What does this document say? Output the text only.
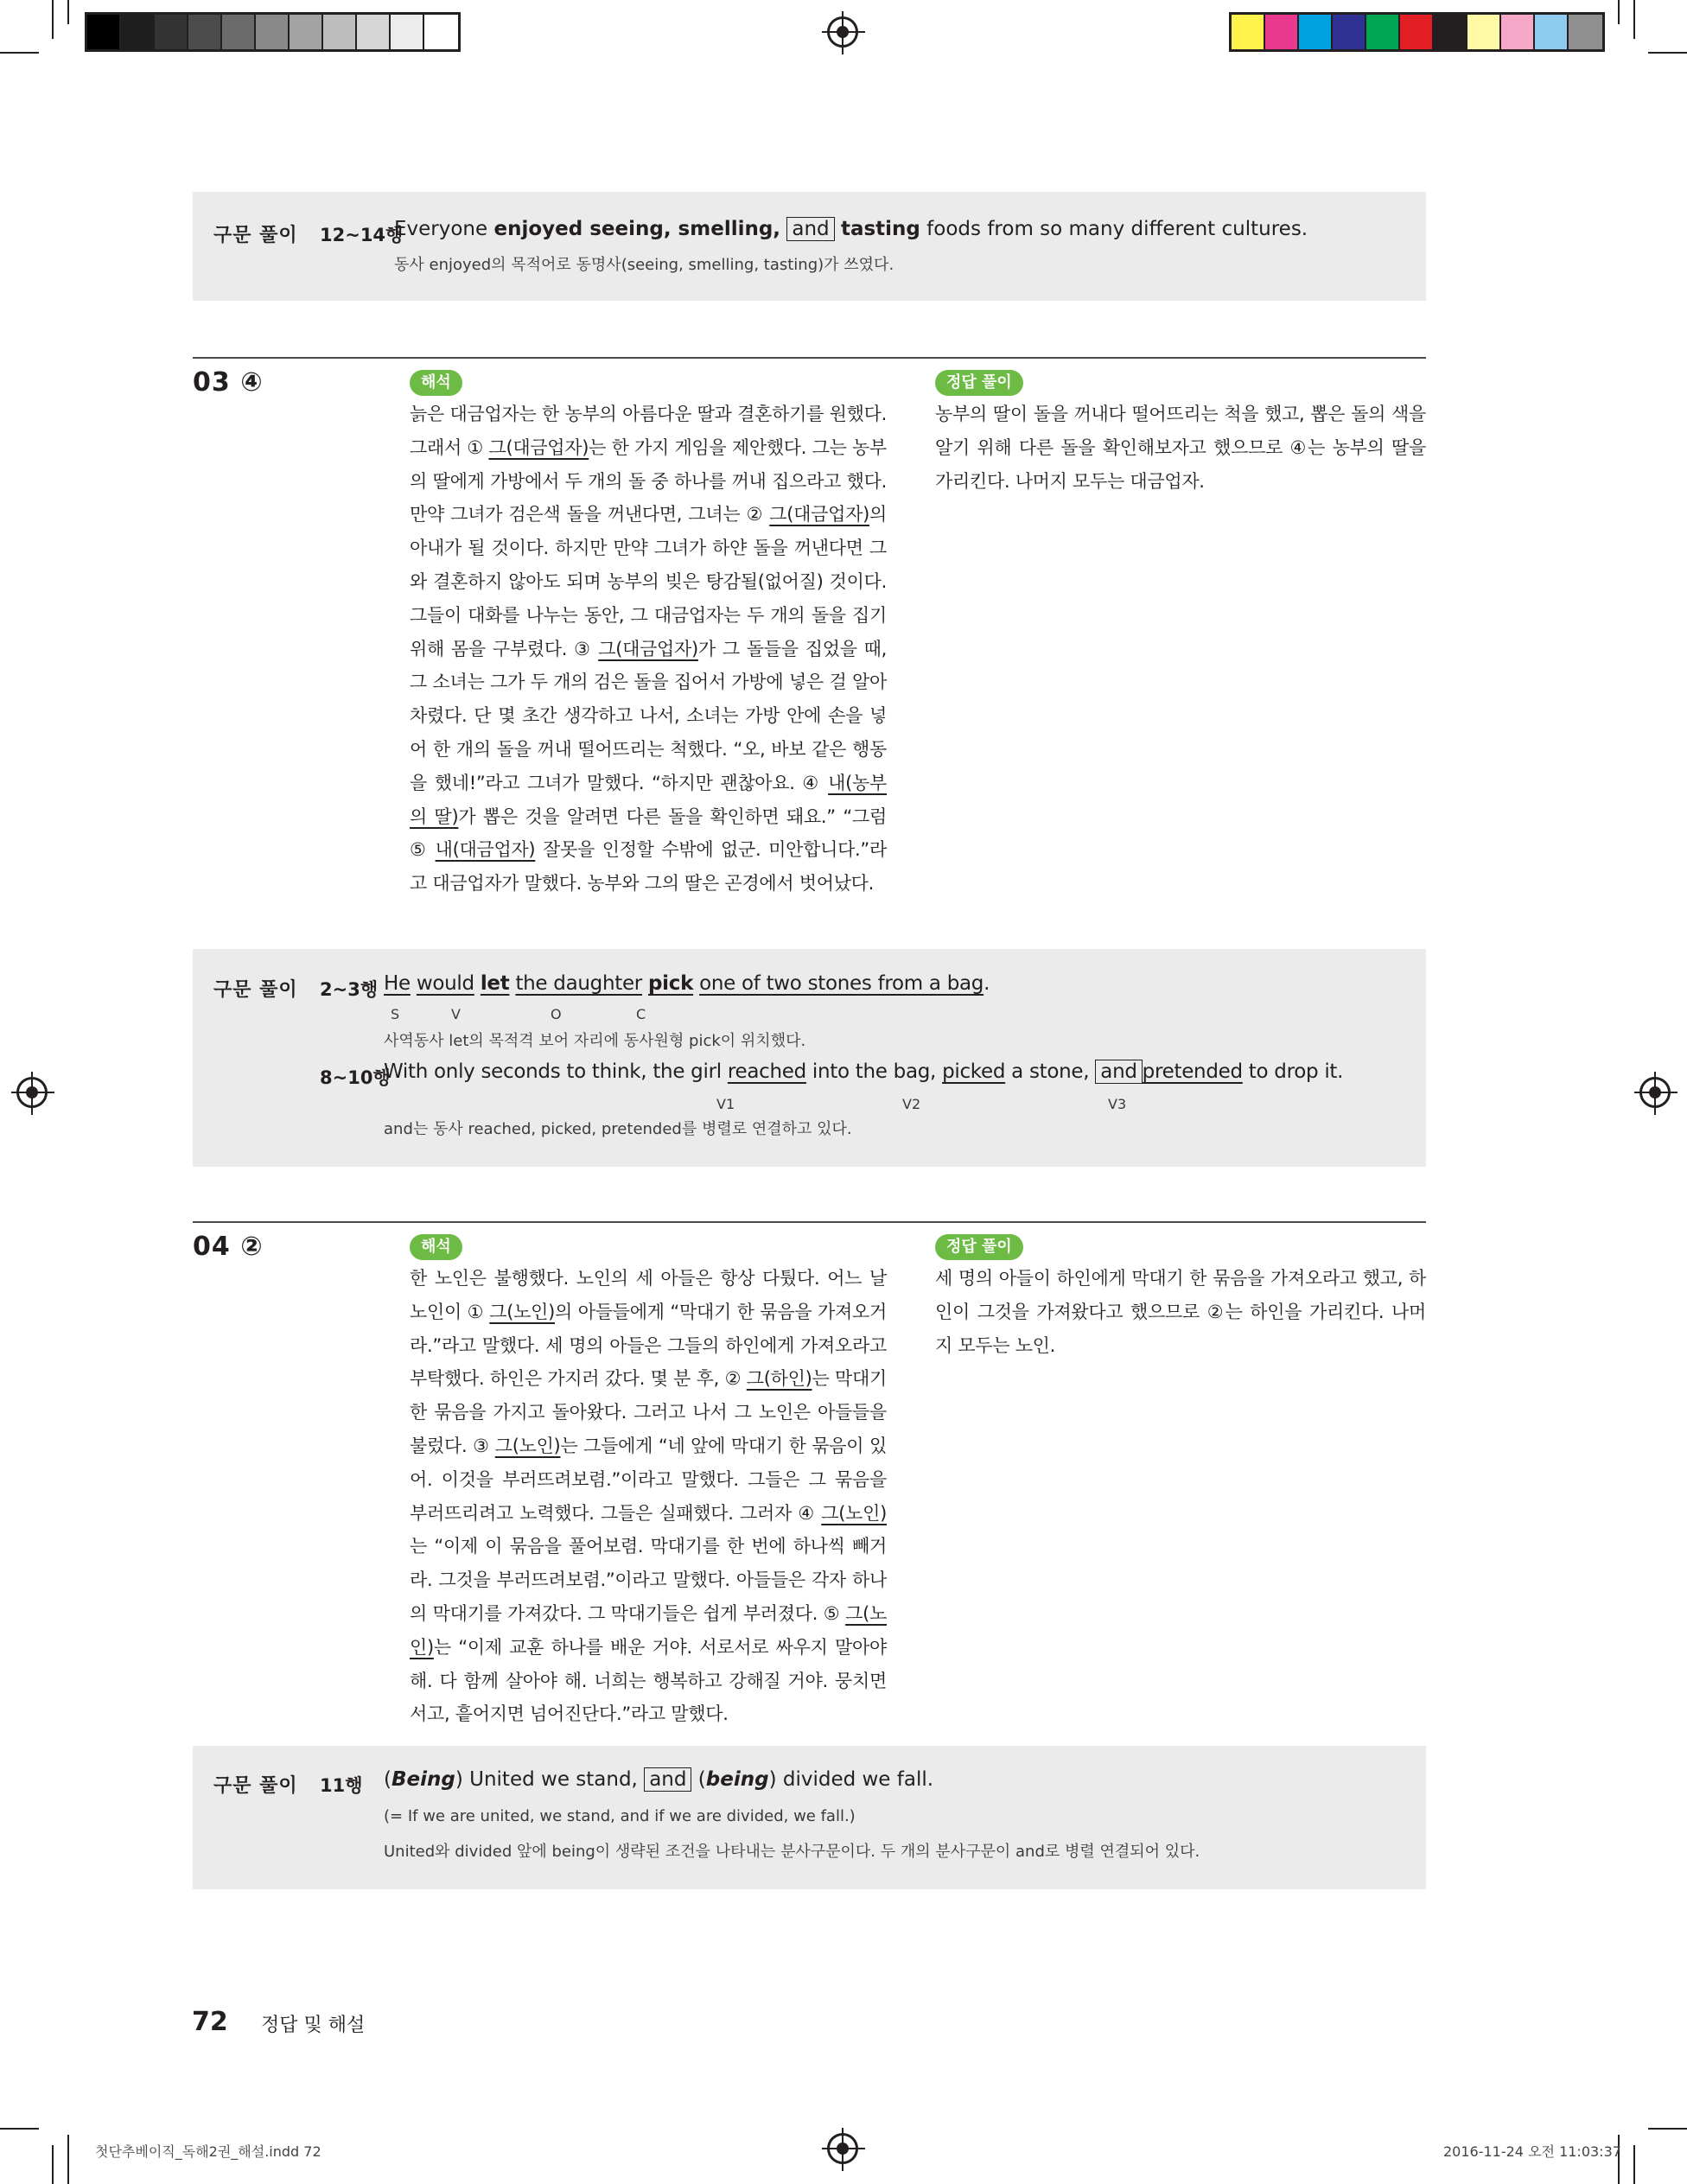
구문 풀이 12~14행
Everyone enjoyed seeing, smelling, and tasting foods from so many different cultures.
동사 enjoyed의 목적어로 동명사(seeing, smelling, tasting)가 쓰였다.
03 ④	해석	정답 풀이
늙은 대금업자는 한 농부의 아름다운 딸과 결혼하기를 원했다. 그래서 ① 그(대금업자)는 한 가지 게임을 제안했다. 그는 농부의 딸에게 가방에서 두 개의 돌 중 하나를 꺼내 집으라고 했다. 만약 그녀가 검은색 돌을 꺼낸다면, 그녀는 ② 그(대금업자)의 아내가 될 것이다. 하지만 만약 그녀가 하얀 돌을 꺼낸다면 그와 결혼하지 않아도 되며 농부의 빚은 탕감될(없어질) 것이다. 그들이 대화를 나누는 동안, 그 대금업자는 두 개의 돌을 집기 위해 몸을 구부렸다. ③ 그(대금업자)가 그 돌들을 집었을 때, 그 소녀는 그가 두 개의 검은 돌을 집어서 가방에 넣은 걸 알아차렸다. 단 몇 초간 생각하고 나서, 소녀는 가방 안에 손을 넣어 한 개의 돌을 꺼내 떨어뜨리는 척했다. “오, 바보 같은 행동을 했네!”라고 그녀가 말했다. “하지만 괜찮아요. ④ 내(농부의 딸)가 뽑은 것을 알려면 다른 돌을 확인하면 돼요.” “그럼 ⑤ 내(대금업자) 잘못을 인정할 수밖에 없군. 미안합니다.”라고 대금업자가 말했다. 농부와 그의 딸은 곤경에서 벗어났다.
농부의 딸이 돌을 꺼내다 떨어뜨리는 척을 했고, 뽑은 돌의 색을 알기 위해 다른 돌을 확인해보자고 했으므로 ④는 농부의 딸을 가리킨다. 나머지 모두는 대금업자.
구문 풀이 2~3행 He would let the daughter pick one of two stones from a bag.
S	V	O	C
사역동사 let의 목적격 보어 자리에 동사원형 pick이 위치했다.
8~10행
With only seconds to think, the girl reached into the bag, picked a stone, and pretended to drop it.
V1	V2	V3
and는 동사 reached, picked, pretended를 병렬로 연결하고 있다.
04 ②	해석	정답 풀이
한 노인은 불행했다. 노인의 세 아들은 항상 다퉜다. 어느 날 노인이 ① 그(노인)의 아들들에게 “막대기 한 묶음을 가져오거라.”라고 말했다. 세 명의 아들은 그들의 하인에게 가져오라고 부탁했다. 하인은 가지러 갔다. 몇 분 후, ② 그(하인)는 막대기 한 묶음을 가지고 돌아왔다. 그러고 나서 그 노인은 아들들을 불렀다. ③ 그(노인)는 그들에게 “네 앞에 막대기 한 묶음이 있어. 이것을 부러뜨려보렴.”이라고 말했다. 그들은 그 묶음을 부러뜨리려고 노력했다. 그들은 실패했다. 그러자 ④ 그(노인)는 “이제 이 묶음을 풀어보렴. 막대기를 한 번에 하나씩 빼거라. 그것을 부러뜨려보렴.”이라고 말했다. 아들들은 각자 하나의 막대기를 가져갔다. 그 막대기들은 쉽게 부러졌다. ⑤ 그(노인)는 “이제 교훈 하나를 배운 거야. 서로서로 싸우지 말아야 해. 다 함께 살아야 해. 너희는 행복하고 강해질 거야. 뭉치면 서고, 흩어지면 넘어진단다.”라고 말했다.
세 명의 아들이 하인에게 막대기 한 묶음을 가져오라고 했고, 하인이 그것을 가져왔다고 했으므로 ②는 하인을 가리킨다. 나머지 모두는 노인.
구문 풀이 11행 (Being) United we stand, and (being) divided we fall.
(= If we are united, we stand, and if we are divided, we fall.)
United와 divided 앞에 being이 생략된 조건을 나타내는 분사구문이다. 두 개의 분사구문이 and로 병렬 연결되어 있다.
72 정답 및 해설
첫단추베이직_독해2권_해설.indd 72	2016-11-24 오전 11:03:37
